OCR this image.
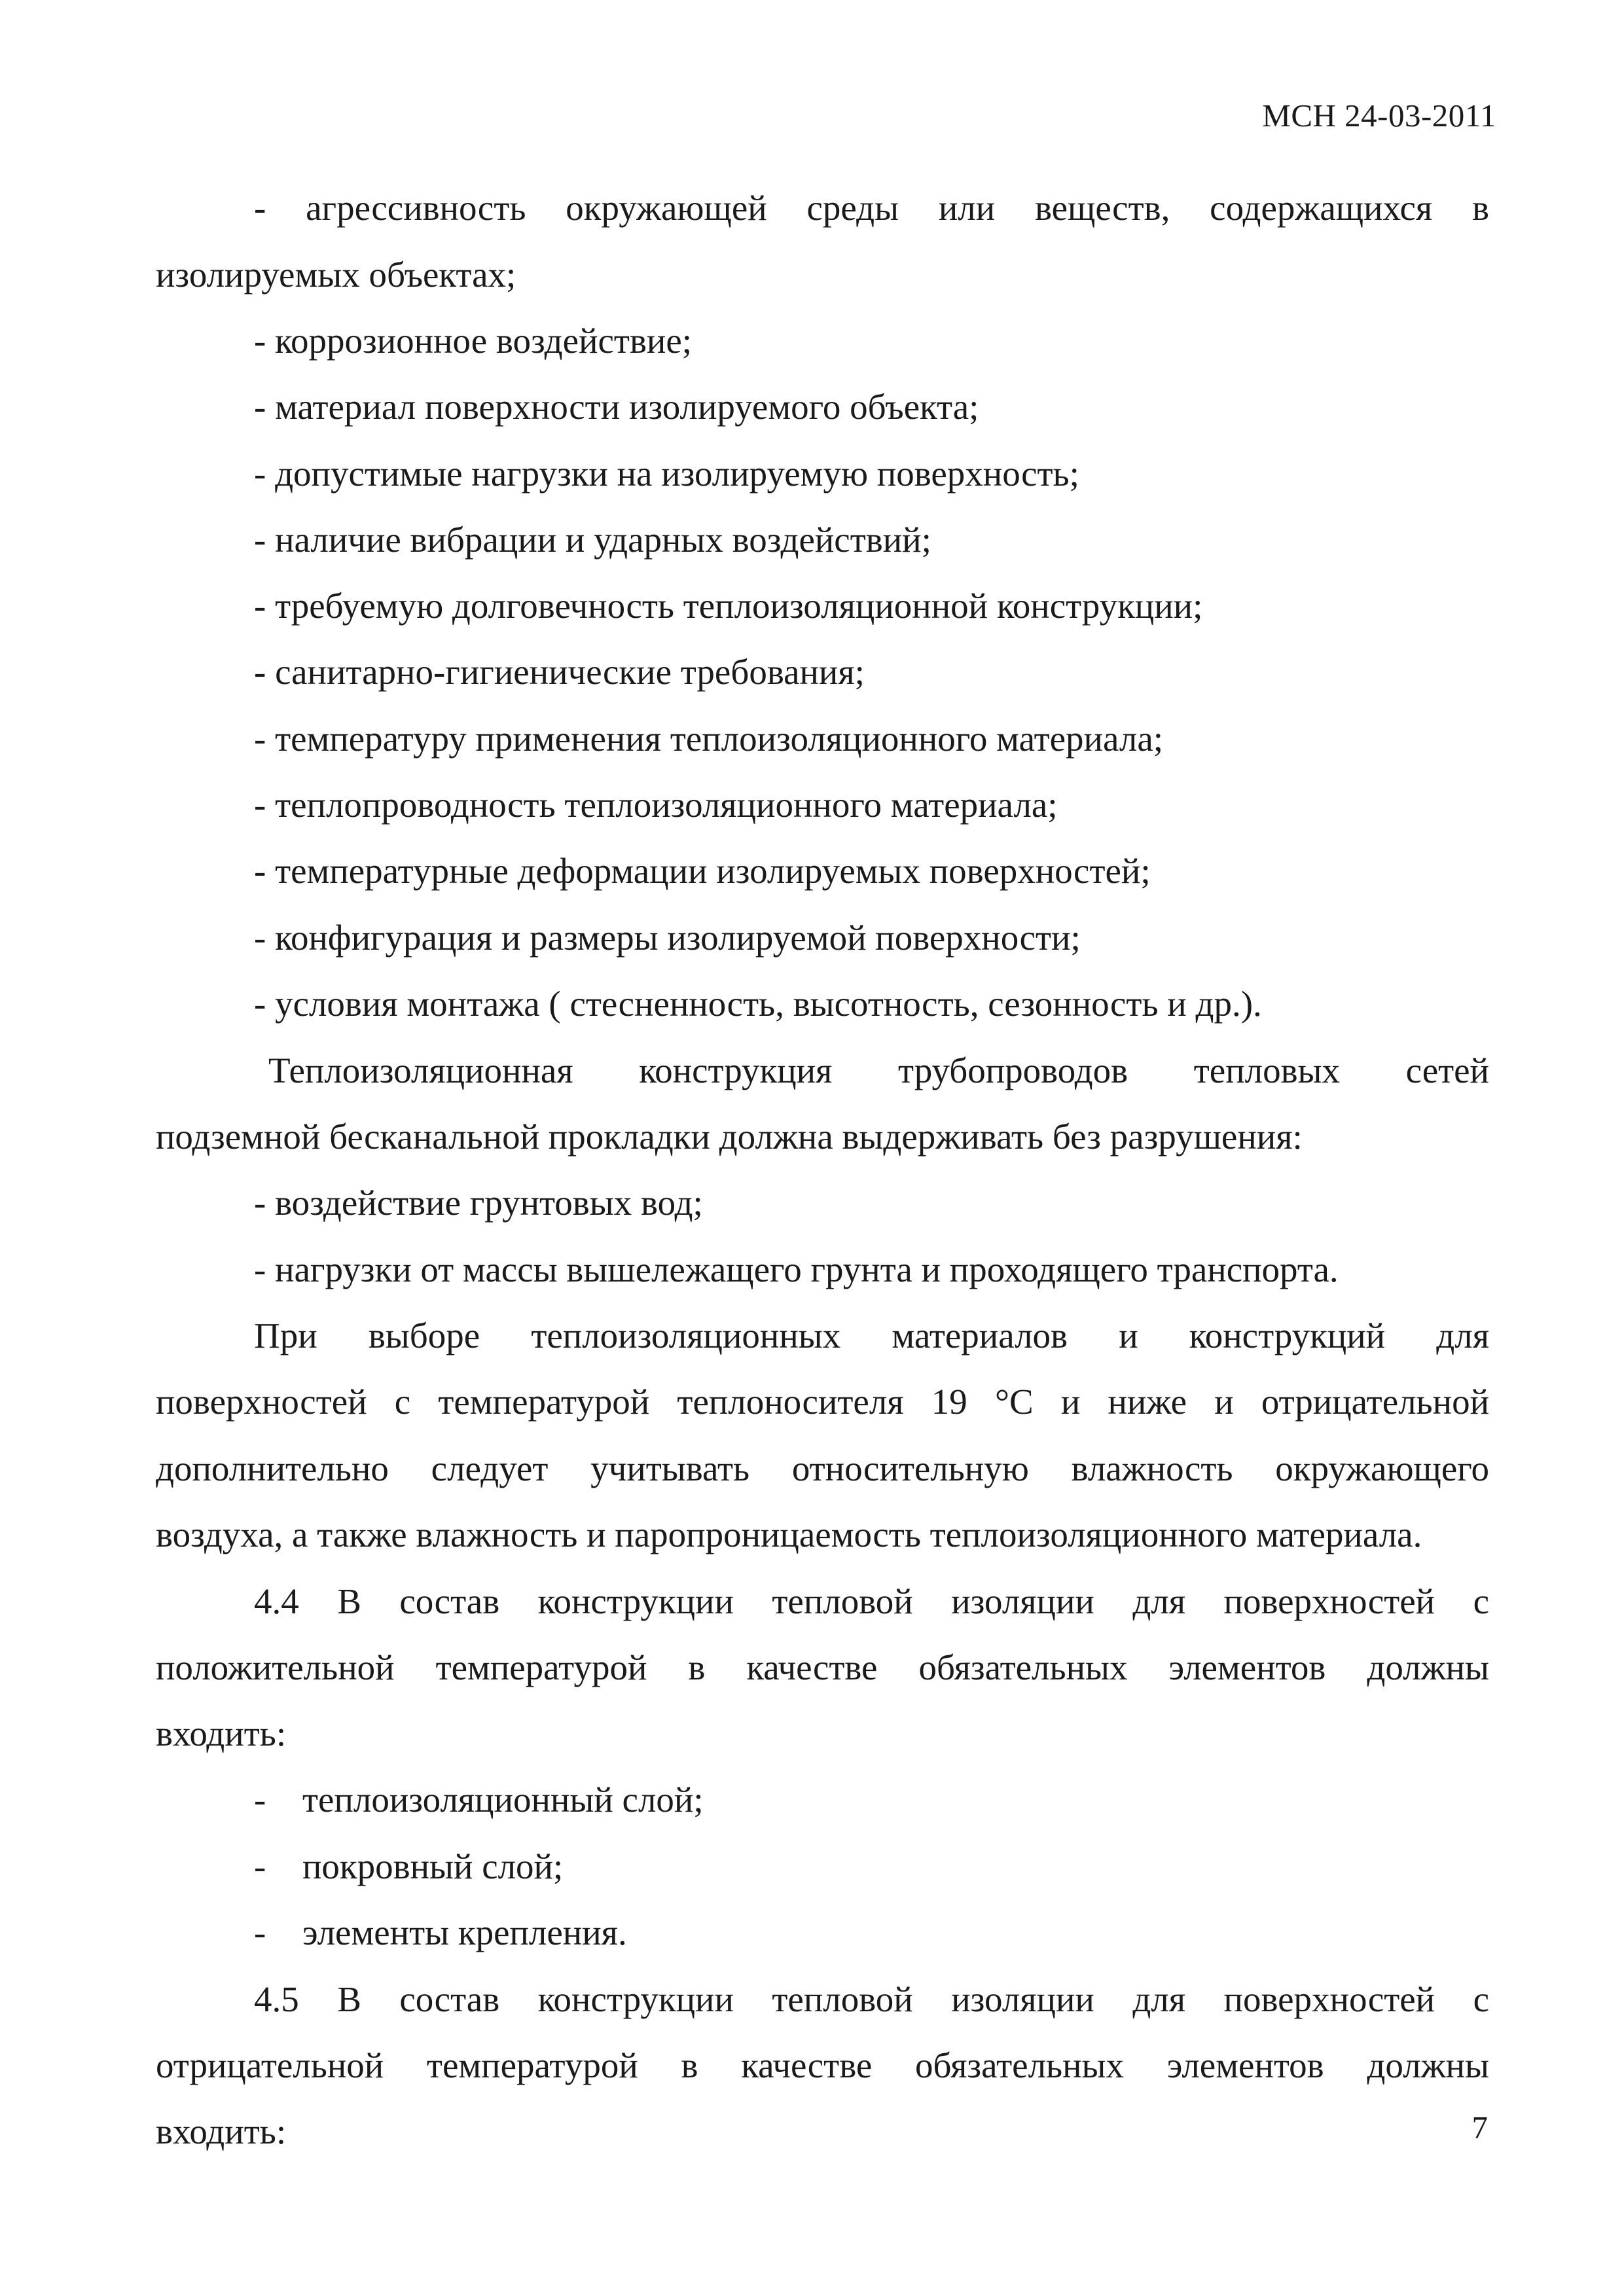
МСН 24-03-2011
- агрессивность окружающей среды или веществ, содержащихся в
изолируемых объектах;
- коррозионное воздействие;
- материал поверхности изолируемого объекта;
- допустимые нагрузки на изолируемую поверхность;
- наличие вибрации и ударных воздействий;
- требуемую долговечность теплоизоляционной конструкции;
- санитарно-гигиенические требования;
- температуру применения теплоизоляционного материала;
- теплопроводность теплоизоляционного материала;
- температурные деформации изолируемых поверхностей;
- конфигурация и размеры изолируемой поверхности;
- условия монтажа ( стесненность, высотность, сезонность и др.).
Теплоизоляционная конструкция трубопроводов тепловых сетей
подземной бесканальной прокладки должна выдерживать без разрушения:
- воздействие грунтовых вод;
- нагрузки от массы вышележащего грунта и проходящего транспорта.
При выборе теплоизоляционных материалов и конструкций для
поверхностей с температурой теплоносителя 19 °С и ниже и отрицательной
дополнительно следует учитывать относительную влажность окружающего
воздуха, а также влажность и паропроницаемость теплоизоляционного материала.
4.4 В состав конструкции тепловой изоляции для поверхностей с
положительной температурой в качестве обязательных элементов должны
входить:
- теплоизоляционный слой;
- покровный слой;
- элементы крепления.
4.5 В состав конструкции тепловой изоляции для поверхностей с
отрицательной температурой в качестве обязательных элементов должны
входить:	7
